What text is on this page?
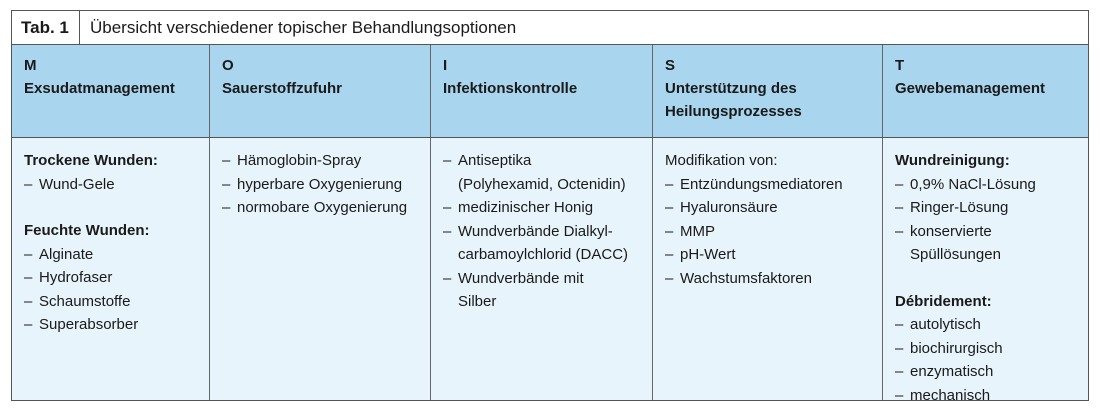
Tab. 1	Übersicht verschiedener topischer Behandlungsoptionen
M
Exsudatmanagement
O
Sauerstoffzufuhr
I
Infektionskontrolle
S
Unterstützung des
Heilungsprozesses
T
Gewebemanagement
Trockene Wunden:
– Wund-Gele
Feuchte Wunden:
– Alginate
– Hydrofaser
– Schaumstoffe
– Superabsorber
– Hämoglobin-Spray
– hyperbare Oxygenierung
– normobare Oxygenierung
– Antiseptika
(Polyhexamid, Octenidin)
– medizinischer Honig
– Wundverbände Dialkyl-
carbamoylchlorid (DACC)
– Wundverbände mit
Silber
Modifikation von:
– Entzündungsmediatoren
– Hyaluronsäure
– MMP
– pH-Wert
– Wachstumsfaktoren
Wundreinigung:
– 0,9% NaCl-Lösung
– Ringer-Lösung
– konservierte
Spüllösungen
Débridement:
– autolytisch
– biochirurgisch
– enzymatisch
– mechanisch
